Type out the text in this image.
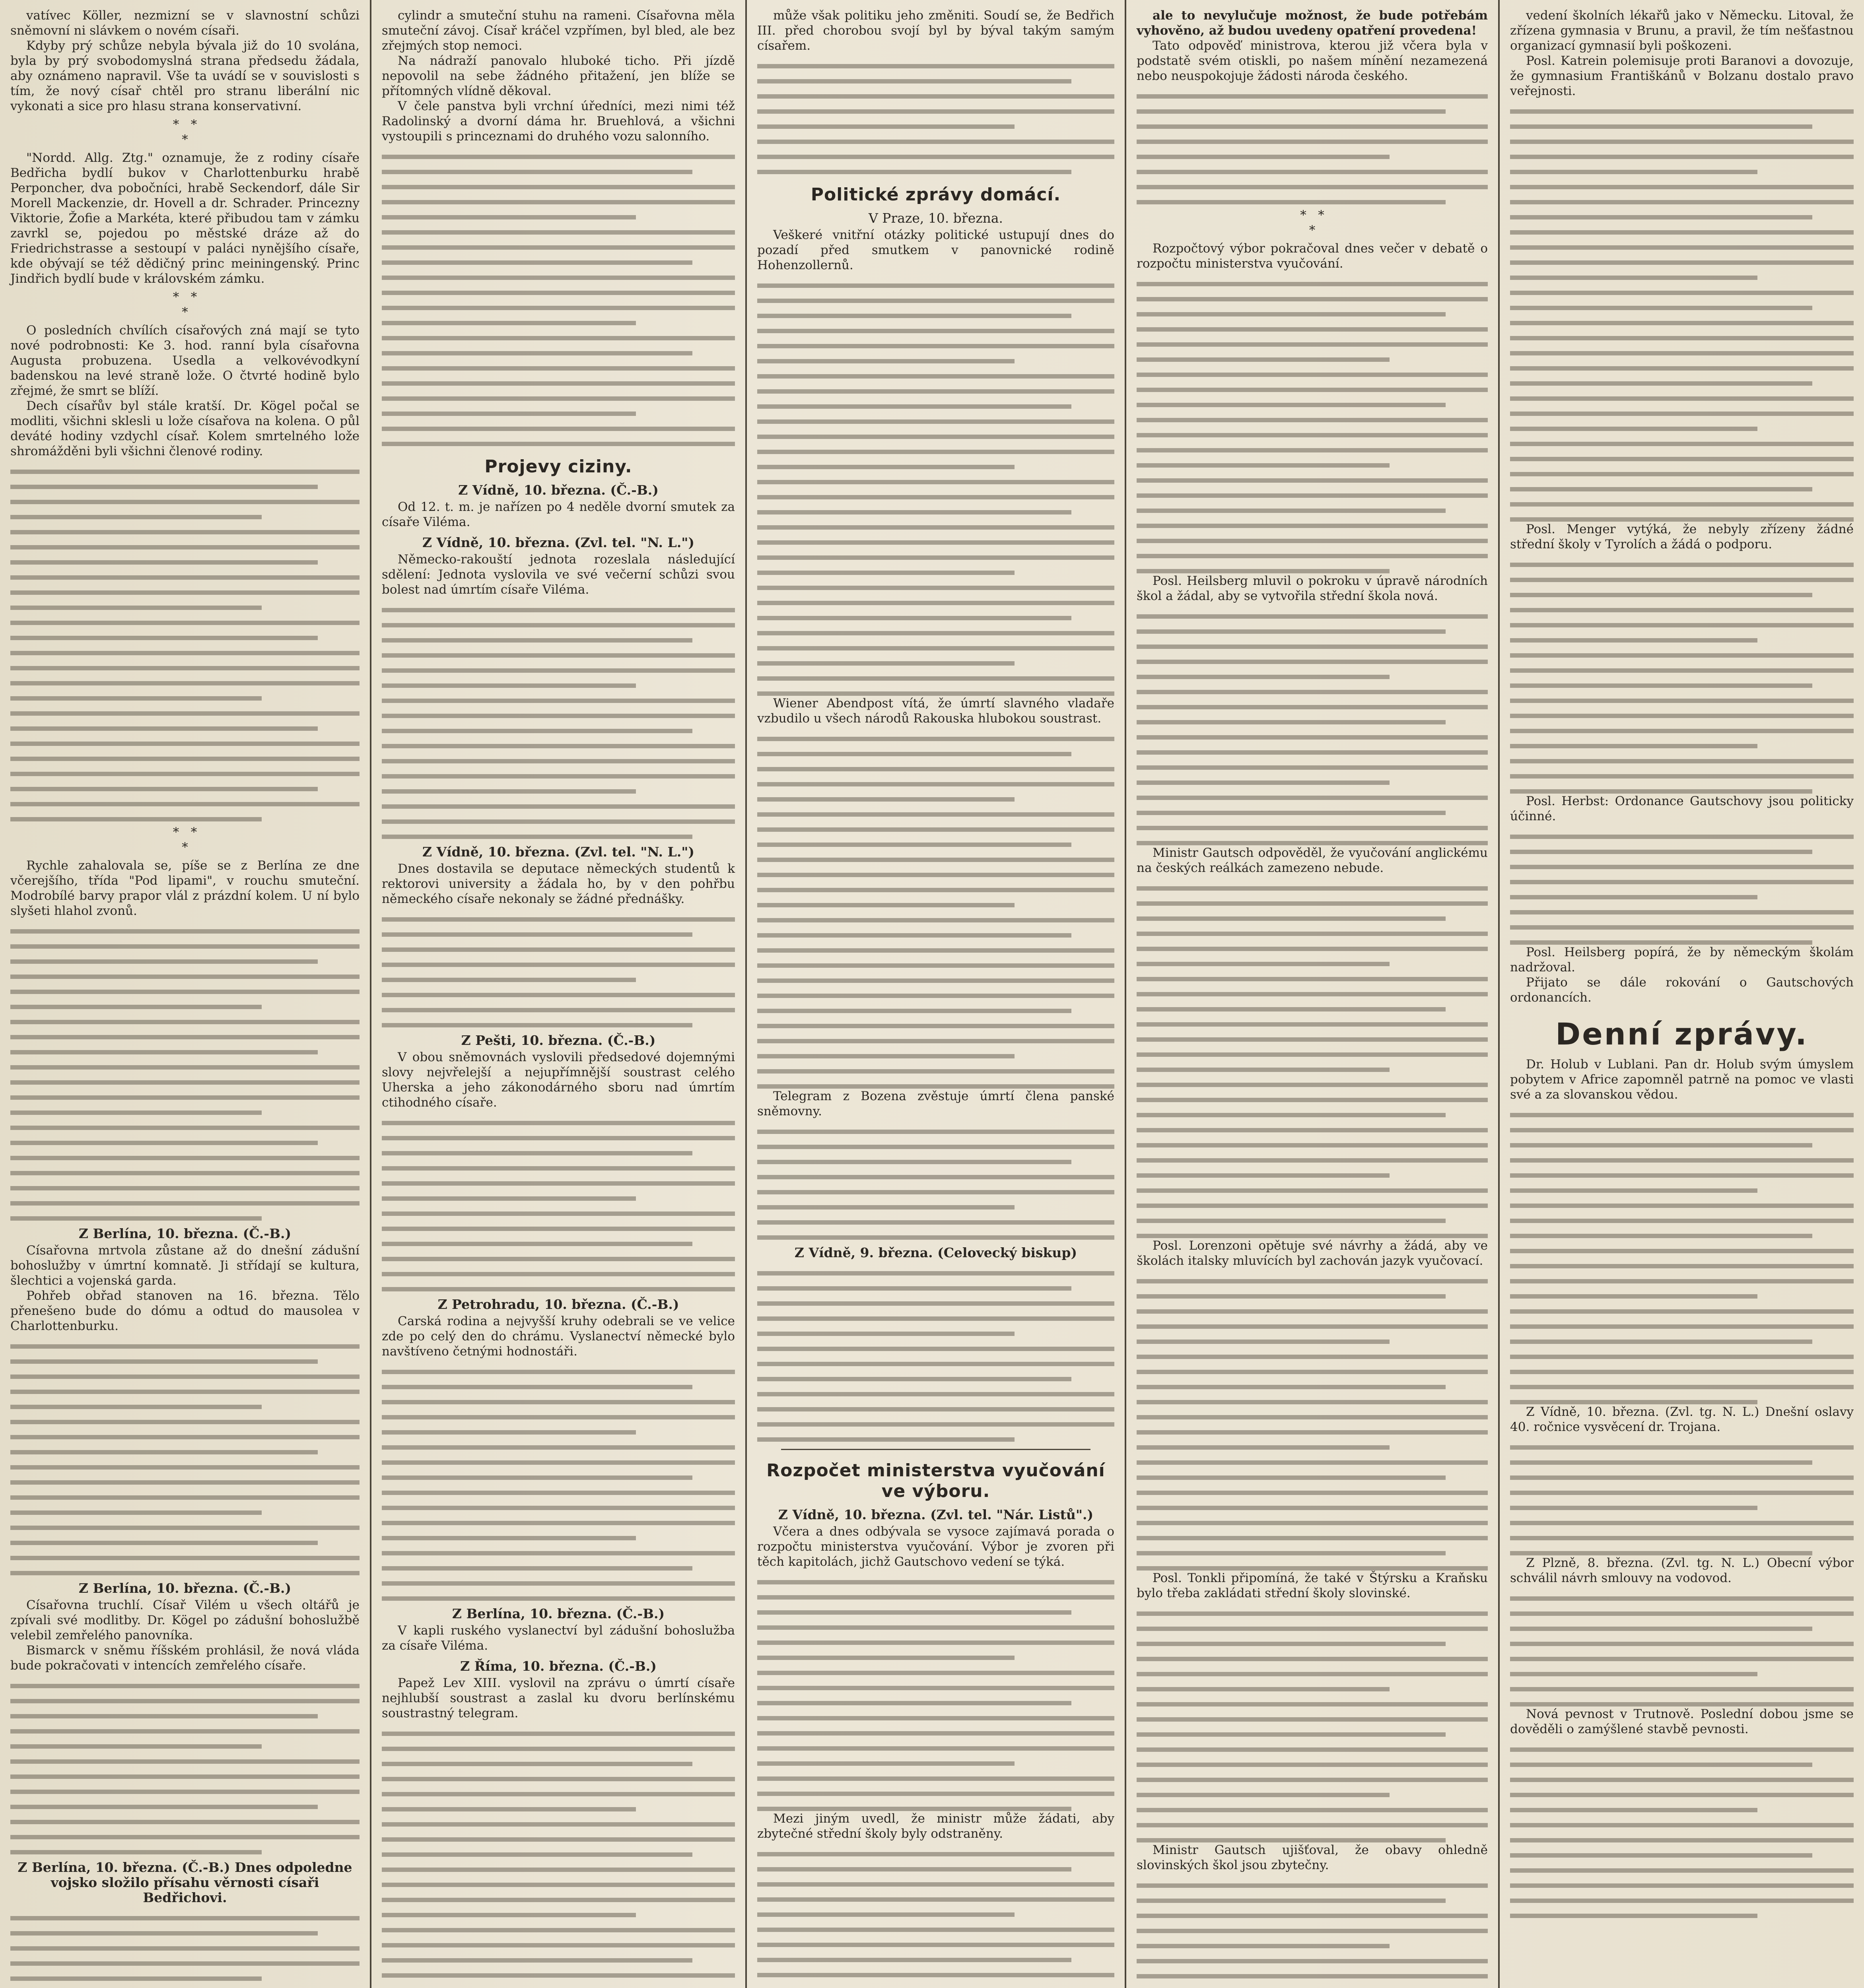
vatívec Köller, nezmizní se v slavnostní schůzi sněmovní ni slávkem o novém císaři.

Kdyby prý schůze nebyla bývala již do 10 svolána, byla by prý svobodomyslná strana předsedu žádala, aby oznámeno napravil. Vše ta uvádí se v souvislosti s tím, že nový císař chtěl pro stranu liberální nic vykonati a sice pro hlasu strana konservativní.

*   *
*

"Nordd. Allg. Ztg." oznamuje, že z rodiny císaře Bedřicha bydlí bukov v Charlottenburku hrabě Perponcher, dva pobočníci, hrabě Seckendorf, dále Sir Morell Mackenzie, dr. Hovell a dr. Schrader. Princezny Viktorie, Žofie a Markéta, které přibudou tam v zámku zavrkl se, pojedou po městské dráze až do Friedrichstrasse a sestoupí v paláci nynějšího císaře, kde obývají se též dědičný princ meiningenský. Princ Jindřich bydlí bude v královském zámku.

*   *
*

O posledních chvílích císařových zná mají se tyto nové podrobnosti: Ke 3. hod. ranní byla císařovna Augusta probuzena. Usedla a velkovévodkyní badenskou na levé straně lože. O čtvrté hodině bylo zřejmé, že smrt se blíží.

Dech císařův byl stále kratší. Dr. Kögel počal se modliti, všichni sklesli u lože císařova na kolena. O půl deváté hodiny vzdychl císař. Kolem smrtelného lože shromážděni byli všichni členové rodiny.

*   *
*

Rychle zahalovala se, píše se z Berlína ze dne včerejšího, třída "Pod lipami", v rouchu smuteční. Modrobílé barvy prapor vlál z prázdní kolem. U ní bylo slyšeti hlahol zvonů.

Z Berlína, 10. března. (Č.-B.)

Císařovna mrtvola zůstane až do dnešní zádušní bohoslužby v úmrtní komnatě. Ji střídají se kultura, šlechtici a vojenská garda.

Pohřeb obřad stanoven na 16. března. Tělo přenešeno bude do dómu a odtud do mausolea v Charlottenburku.

Z Berlína, 10. března. (Č.-B.)

Císařovna truchlí. Císař Vilém u všech oltářů je zpívali své modlitby. Dr. Kögel po zádušní bohoslužbě velebil zemřelého panovníka.

Bismarck v sněmu říšském prohlásil, že nová vláda bude pokračovati v intencích zemřelého císaře.

Z Berlína, 10. března. (Č.-B.) Dnes odpoledne vojsko složilo přísahu věrnosti císaři Bedřichovi.

cylindr a smuteční stuhu na rameni. Císařovna měla smuteční závoj. Císař kráčel vzpřímen, byl bled, ale bez zřejmých stop nemoci.

Na nádraží panovalo hluboké ticho. Při jízdě nepovolil na sebe žádného přitažení, jen blíže se přítomných vlídně děkoval.

V čele panstva byli vrchní úředníci, mezi nimi též Radolinský a dvorní dáma hr. Bruehlová, a všichni vystoupili s princeznami do druhého vozu salonního.

Projevy ciziny.
Z Vídně, 10. března. (Č.-B.)

Od 12. t. m. je nařízen po 4 neděle dvorní smutek za císaře Viléma.

Z Vídně, 10. března. (Zvl. tel. "N. L.")

Německo-rakouští jednota rozeslala následující sdělení: Jednota vyslovila ve své večerní schůzi svou bolest nad úmrtím císaře Viléma.

Z Vídně, 10. března. (Zvl. tel. "N. L.")

Dnes dostavila se deputace německých studentů k rektorovi university a žádala ho, by v den pohřbu německého císaře nekonaly se žádné přednášky.

Z Pešti, 10. března. (Č.-B.)

V obou sněmovnách vyslovili předsedové dojemnými slovy nejvřelejší a nejupřímnější soustrast celého Uherska a jeho zákonodárného sboru nad úmrtím ctihodného císaře.

Z Petrohradu, 10. března. (Č.-B.)

Carská rodina a nejvyšší kruhy odebrali se ve velice zde po celý den do chrámu. Vyslanectví německé bylo navštíveno četnými hodnostáři.

Z Berlína, 10. března. (Č.-B.)

V kapli ruského vyslanectví byl zádušní bohoslužba za císaře Viléma.

Z Říma, 10. března. (Č.-B.)

Papež Lev XIII. vyslovil na zprávu o úmrtí císaře nejhlubší soustrast a zaslal ku dvoru berlínskému soustrastný telegram.

může však politiku jeho změniti. Soudí se, že Bedřich III. před chorobou svojí byl by býval takým samým císařem.

Politické zprávy domácí.
V Praze, 10. března.

Veškeré vnitřní otázky politické ustupují dnes do pozadí před smutkem v panovnické rodině Hohenzollernů.

Wiener Abendpost vítá, že úmrtí slavného vladaře vzbudilo u všech národů Rakouska hlubokou soustrast.

Telegram z Bozena zvěstuje úmrtí člena panské sněmovny.

Z Vídně, 9. března. (Celovecký biskup)
Rozpočet ministerstva vyučování ve výboru.
Z Vídně, 10. března. (Zvl. tel. "Nár. Listů".)

Včera a dnes odbývala se vysoce zajímavá porada o rozpočtu ministerstva vyučování. Výbor je zvoren při těch kapitolách, jichž Gautschovo vedení se týká.

Mezi jiným uvedl, že ministr může žádati, aby zbytečné střední školy byly odstraněny.

ale to nevylučuje možnost, že bude potřebám vyhověno, až budou uvedeny opatření provedena!

Tato odpověď ministrova, kterou již včera byla v podstatě svém otiskli, po našem mínění nezamezená nebo neuspokojuje žádosti národa českého.

*   *
*

Rozpočtový výbor pokračoval dnes večer v debatě o rozpočtu ministerstva vyučování.

Posl. Heilsberg mluvil o pokroku v úpravě národních škol a žádal, aby se vytvořila střední škola nová.

Ministr Gautsch odpověděl, že vyučování anglickému na českých reálkách zamezeno nebude.

Posl. Lorenzoni opětuje své návrhy a žádá, aby ve školách italsky mluvících byl zachován jazyk vyučovací.

Posl. Tonkli připomíná, že také v Štýrsku a Kraňsku bylo třeba zakládati střední školy slovinské.

Ministr Gautsch ujišťoval, že obavy ohledně slovinských škol jsou zbytečny.

vedení školních lékařů jako v Německu. Litoval, že zřízena gymnasia v Brunu, a pravil, že tím nešťastnou organizací gymnasií byli poškozeni.

Posl. Katrein polemisuje proti Baranovi a dovozuje, že gymnasium Františkánů v Bolzanu dostalo pravo veřejnosti.

Posl. Menger vytýká, že nebyly zřízeny žádné střední školy v Tyrolích a žádá o podporu.

Posl. Herbst: Ordonance Gautschovy jsou politicky účinné.

Posl. Heilsberg popírá, že by německým školám nadržoval.

Přijato se dále rokování o Gautschových ordonancích.

Denní zprávy.

Dr. Holub v Lublani. Pan dr. Holub svým úmyslem pobytem v Africe zapomněl patrně na pomoc ve vlasti své a za slovanskou vědou.

Z Vídně, 10. března. (Zvl. tg. N. L.) Dnešní oslavy 40. ročnice vysvěcení dr. Trojana.

Z Plzně, 8. března. (Zvl. tg. N. L.) Obecní výbor schválil návrh smlouvy na vodovod.

Nová pevnost v Trutnově. Poslední dobou jsme se dověděli o zamýšlené stavbě pevnosti.
